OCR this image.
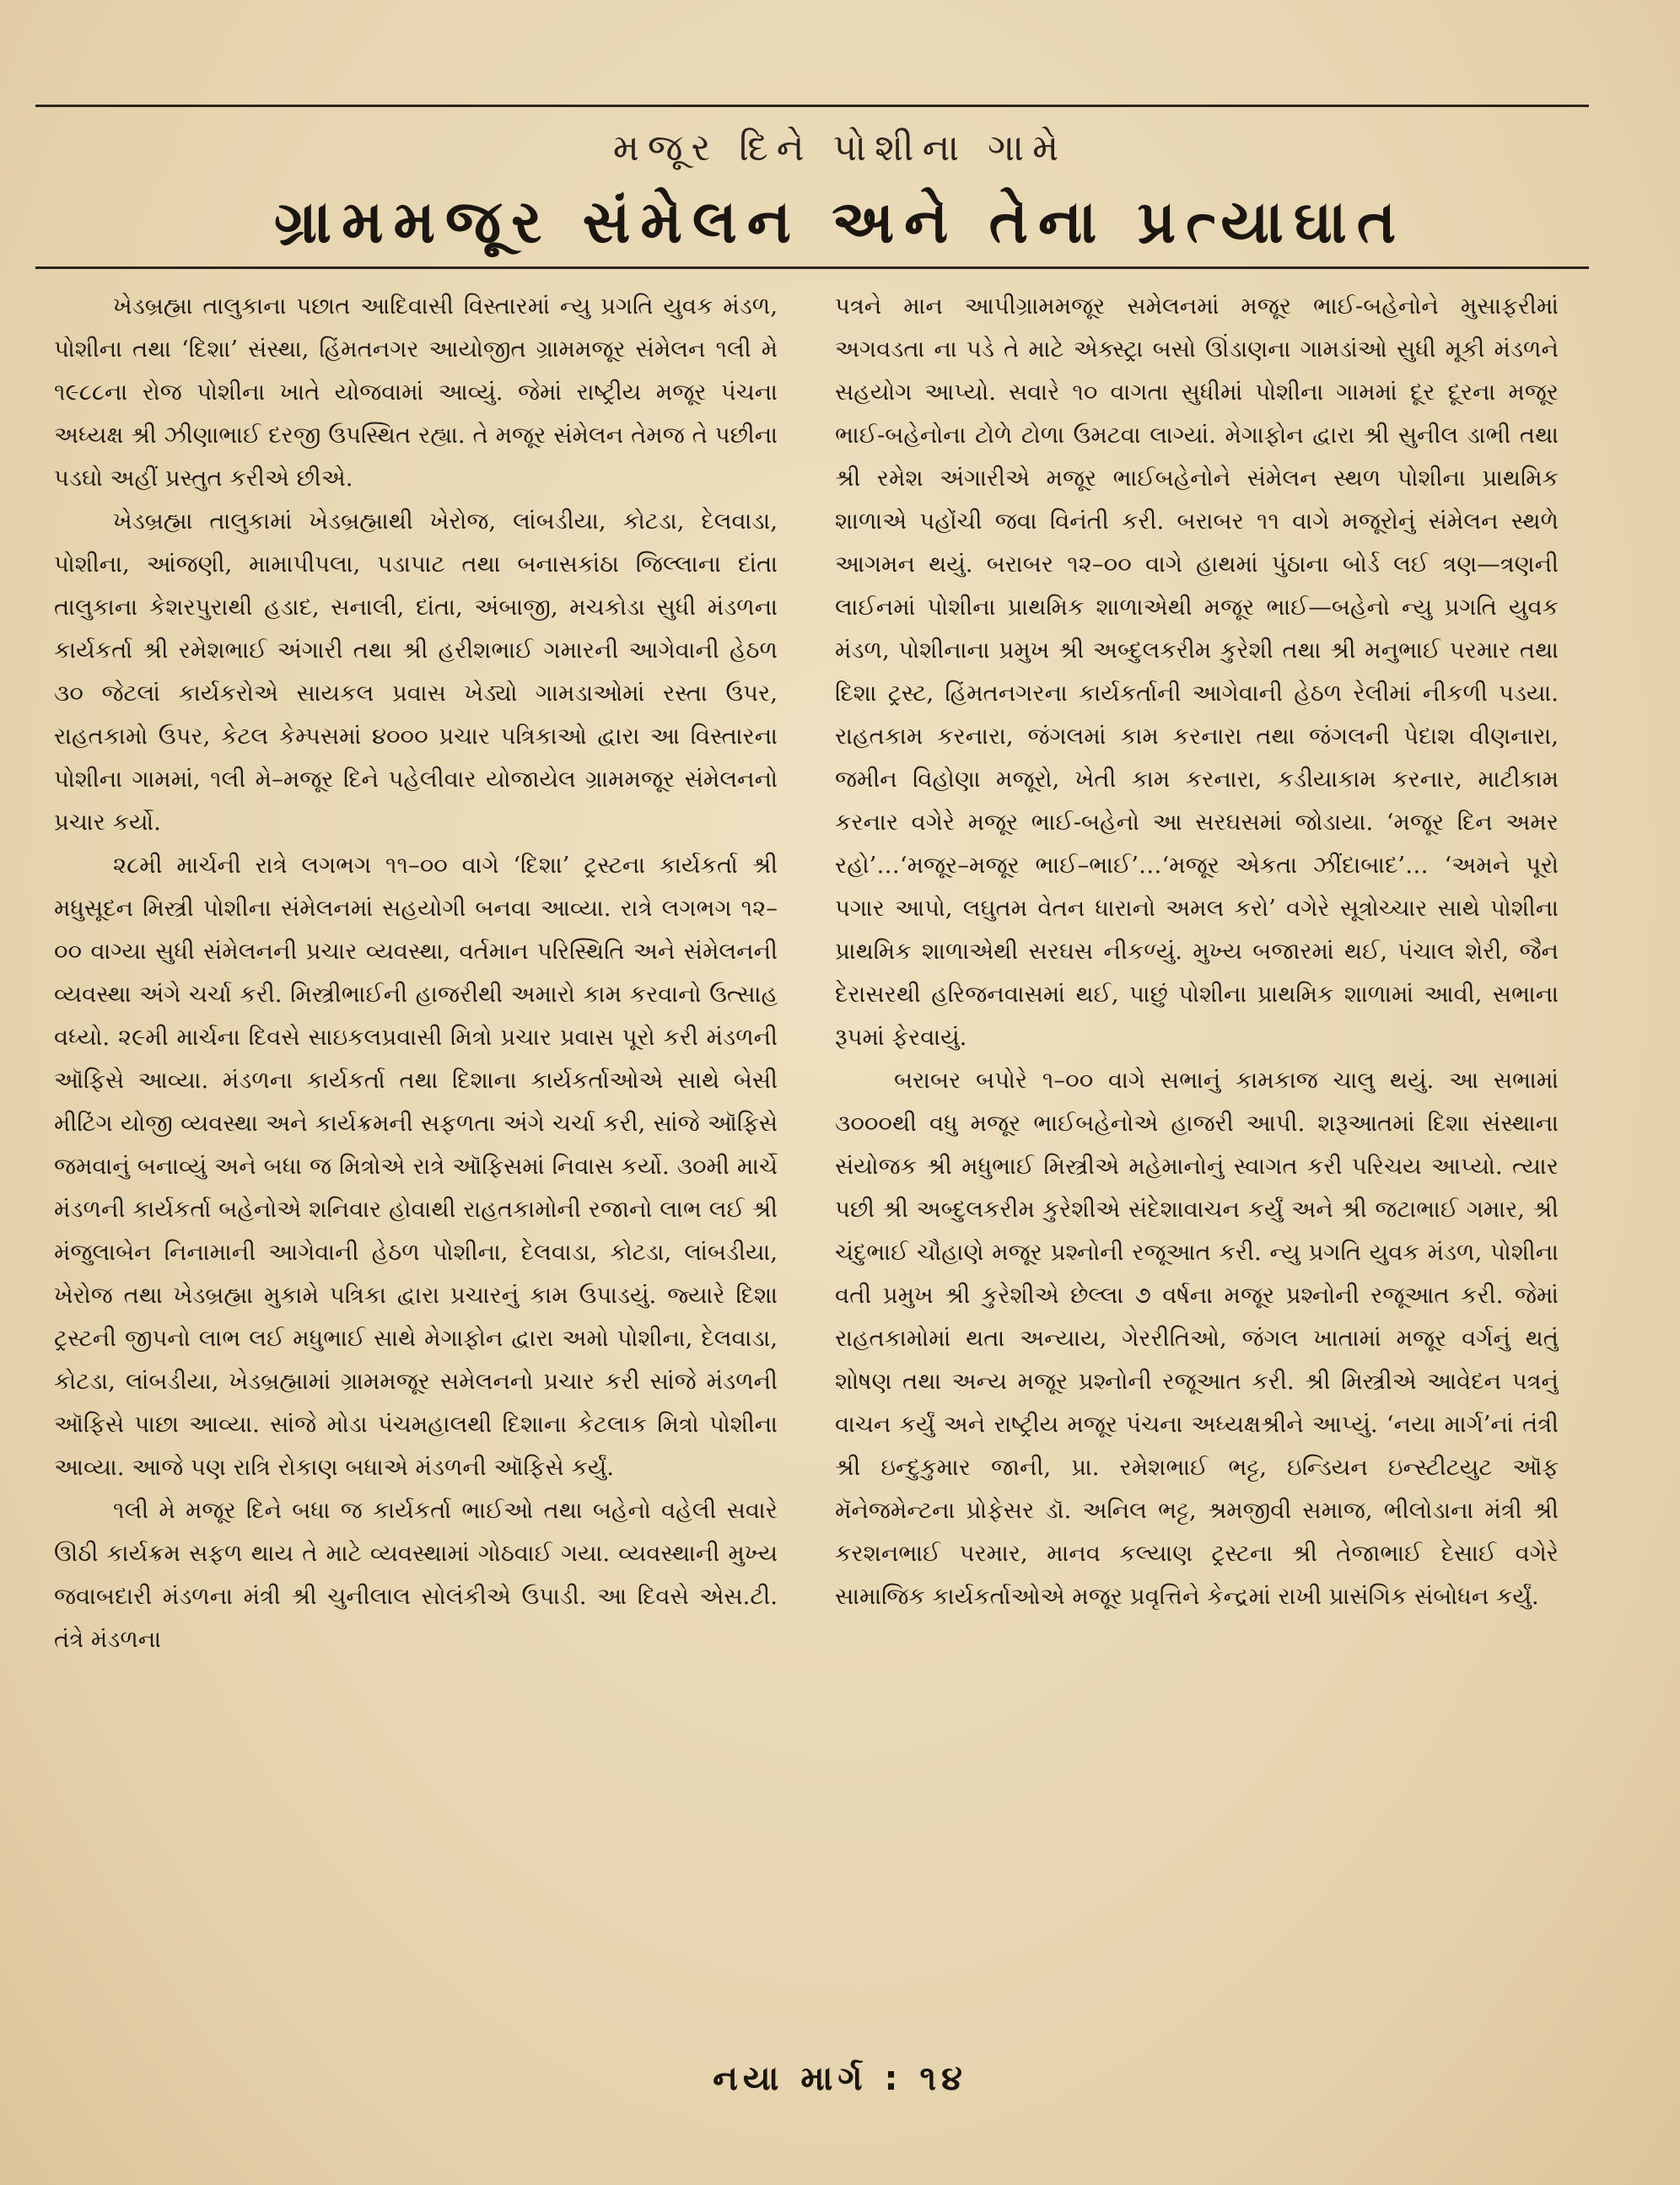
મજૂર દિને પોશીના ગામે
ગ્રામમજૂર સંમેલન અને તેના પ્રત્યાઘાત

ખેડબ્રહ્મા તાલુકાના પછાત આદિવાસી વિસ્તારમાં ન્યુ પ્રગતિ યુવક મંડળ, પોશીના તથા ‘દિશા’ સંસ્થા, હિંમતનગર આયોજીત ગ્રામમજૂર સંમેલન ૧લી મે ૧૯૮૮ના રોજ પોશીના ખાતે યોજવામાં આવ્યું. જેમાં રાષ્ટ્રીય મજૂર પંચના અધ્યક્ષ શ્રી ઝીણાભાઈ દરજી ઉપસ્થિત રહ્યા. તે મજૂર સંમેલન તેમજ તે પછીના પડઘો અહીં પ્રસ્તુત કરીએ છીએ.

ખેડબ્રહ્મા તાલુકામાં ખેડબ્રહ્માથી ખેરોજ, લાંબડીયા, કોટડા, દેલવાડા, પોશીના, આંજણી, મામાપીપલા, પડાપાટ તથા બનાસકાંઠા જિલ્લાના દાંતા તાલુકાના કેશરપુરાથી હડાદ, સનાલી, દાંતા, અંબાજી, મચકોડા સુધી મંડળના કાર્યકર્તા શ્રી રમેશભાઈ અંગારી તથા શ્રી હરીશભાઈ ગમારની આગેવાની હેઠળ ૩૦ જેટલાં કાર્યકરોએ સાયકલ પ્રવાસ ખેડ્યો ગામડાઓમાં રસ્તા ઉપર, રાહતકામો ઉપર, કેટલ કેમ્પસમાં ૪૦૦૦ પ્રચાર પત્રિકાઓ દ્વારા આ વિસ્તારના પોશીના ગામમાં, ૧લી મે–મજૂર દિને પહેલીવાર યોજાયેલ ગ્રામમજૂર સંમેલનનો પ્રચાર કર્યો.

૨૮મી માર્ચની રાત્રે લગભગ ૧૧–૦૦ વાગે ‘દિશા’ ટ્રસ્ટના કાર્યકર્તા શ્રી મધુસૂદન મિસ્ત્રી પોશીના સંમેલનમાં સહયોગી બનવા આવ્યા. રાત્રે લગભગ ૧૨–૦૦ વાગ્યા સુધી સંમેલનની પ્રચાર વ્યવસ્થા, વર્તમાન પરિસ્થિતિ અને સંમેલનની વ્યવસ્થા અંગે ચર્ચા કરી. મિસ્ત્રીભાઈની હાજરીથી અમારો કામ કરવાનો ઉત્સાહ વધ્યો. ૨૯મી માર્ચના દિવસે સાઇકલપ્રવાસી મિત્રો પ્રચાર પ્રવાસ પૂરો કરી મંડળની ઑફિસે આવ્યા. મંડળના કાર્યકર્તા તથા દિશાના કાર્યકર્તાઓએ સાથે બેસી મીટિંગ યોજી વ્યવસ્થા અને કાર્યક્રમની સફળતા અંગે ચર્ચા કરી, સાંજે ઑફિસે જમવાનું બનાવ્યું અને બધા જ મિત્રોએ રાત્રે ઑફિસમાં નિવાસ કર્યો. ૩૦મી માર્ચે મંડળની કાર્યકર્તા બહેનોએ શનિવાર હોવાથી રાહતકામોની રજાનો લાભ લઈ શ્રી મંજુલાબેન નિનામાની આગેવાની હેઠળ પોશીના, દેલવાડા, કોટડા, લાંબડીયા, ખેરોજ તથા ખેડબ્રહ્મા મુકામે પત્રિકા દ્વારા પ્રચારનું કામ ઉપાડયું. જ્યારે દિશા ટ્રસ્ટની જીપનો લાભ લઈ મધુભાઈ સાથે મેગાફોન દ્વારા અમો પોશીના, દેલવાડા, કોટડા, લાંબડીયા, ખેડબ્રહ્મામાં ગ્રામમજૂર સમેલનનો પ્રચાર કરી સાંજે મંડળની ઑફિસે પાછા આવ્યા. સાંજે મોડા પંચમહાલથી દિશાના કેટલાક મિત્રો પોશીના આવ્યા. આજે પણ રાત્રિ રોકાણ બધાએ મંડળની ઑફિસે કર્યું.

૧લી મે મજૂર દિને બધા જ કાર્યકર્તા ભાઈઓ તથા બહેનો વહેલી સવારે ઊઠી કાર્યક્રમ સફળ થાય તે માટે વ્યવસ્થામાં ગોઠવાઈ ગયા. વ્યવસ્થાની મુખ્ય જવાબદારી મંડળના મંત્રી શ્રી ચુનીલાલ સોલંકીએ ઉપાડી. આ દિવસે એસ.ટી. તંત્રે મંડળના

પત્રને માન આપીગ્રામમજૂર સમેલનમાં મજૂર ભાઈ-બહેનોને મુસાફરીમાં અગવડતા ના પડે તે માટે એક્સ્ટ્રા બસો ઊંડાણના ગામડાંઓ સુધી મૂકી મંડળને સહયોગ આપ્યો. સવારે ૧૦ વાગતા સુધીમાં પોશીના ગામમાં દૂર દૂરના મજૂર ભાઈ-બહેનોના ટોળે ટોળા ઉમટવા લાગ્યાં. મેગાફોન દ્વારા શ્રી સુનીલ ડાભી તથા શ્રી રમેશ અંગારીએ મજૂર ભાઈબહેનોને સંમેલન સ્થળ પોશીના પ્રાથમિક શાળાએ પહોંચી જવા વિનંતી કરી. બરાબર ૧૧ વાગે મજૂરોનું સંમેલન સ્થળે આગમન થયું. બરાબર ૧૨–૦૦ વાગે હાથમાં પુંઠાના બોર્ડ લઈ ત્રણ—ત્રણની લાઈનમાં પોશીના પ્રાથમિક શાળાએથી મજૂર ભાઈ—બહેનો ન્યુ પ્રગતિ યુવક મંડળ, પોશીનાના પ્રમુખ શ્રી અબ્દુલકરીમ કુરેશી તથા શ્રી મનુભાઈ પરમાર તથા દિશા ટ્રસ્ટ, હિંમતનગરના કાર્યકર્તાની આગેવાની હેઠળ રેલીમાં નીકળી પડયા. રાહતકામ કરનારા, જંગલમાં કામ કરનારા તથા જંગલની પેદાશ વીણનારા, જમીન વિહોણા મજૂરો, ખેતી કામ કરનારા, કડીયાકામ કરનાર, માટીકામ કરનાર વગેરે મજૂર ભાઈ-બહેનો આ સરઘસમાં જોડાયા. ‘મજૂર દિન અમર રહો’…‘મજૂર–મજૂર ભાઈ–ભાઈ’…‘મજૂર એકતા ઝીંદાબાદ’… ‘અમને પૂરો પગાર આપો, લઘુતમ વેતન ધારાનો અમલ કરો’ વગેરે સૂત્રોચ્ચાર સાથે પોશીના પ્રાથમિક શાળાએથી સરઘસ નીકળ્યું. મુખ્ય બજારમાં થઈ, પંચાલ શેરી, જૈન દેરાસરથી હરિજનવાસમાં થઈ, પાછું પોશીના પ્રાથમિક શાળામાં આવી, સભાના રૂપમાં ફેરવાયું.

બરાબર બપોરે ૧–૦૦ વાગે સભાનું કામકાજ ચાલુ થયું. આ સભામાં ૩૦૦૦થી વધુ મજૂર ભાઈબહેનોએ હાજરી આપી. શરૂઆતમાં દિશા સંસ્થાના સંયોજક શ્રી મધુભાઈ મિસ્ત્રીએ મહેમાનોનું સ્વાગત કરી પરિચય આપ્યો. ત્યાર પછી શ્રી અબ્દુલકરીમ કુરેશીએ સંદેશાવાચન કર્યું અને શ્રી જટાભાઈ ગમાર, શ્રી ચંદુભાઈ ચૌહાણે મજૂર પ્રશ્નોની રજૂઆત કરી. ન્યુ પ્રગતિ યુવક મંડળ, પોશીના વતી પ્રમુખ શ્રી કુરેશીએ છેલ્લા ૭ વર્ષના મજૂર પ્રશ્નોની રજૂઆત કરી. જેમાં રાહતકામોમાં થતા અન્યાય, ગેરરીતિઓ, જંગલ ખાતામાં મજૂર વર્ગનું થતું શોષણ તથા અન્ય મજૂર પ્રશ્નોની રજૂઆત કરી. શ્રી મિસ્ત્રીએ આવેદન પત્રનું વાચન કર્યું અને રાષ્ટ્રીય મજૂર પંચના અધ્યક્ષશ્રીને આપ્યું. ‘નયા માર્ગ’નાં તંત્રી શ્રી ઇન્દુકુમાર જાની, પ્રા. રમેશભાઈ ભટ્ટ, ઇન્ડિયન ઇન્સ્ટીટયુટ ઑફ મૅનેજમેન્ટના પ્રોફેસર ડૉ. અનિલ ભટ્ટ, શ્રમજીવી સમાજ, ભીલોડાના મંત્રી શ્રી કરશનભાઈ પરમાર, માનવ કલ્યાણ ટ્રસ્ટના શ્રી તેજાભાઈ દેસાઈ વગેરે સામાજિક કાર્યકર્તાઓએ મજૂર પ્રવૃત્તિને કેન્દ્રમાં રાખી પ્રાસંગિક સંબોધન કર્યું.

નયા માર્ગ : ૧૪
